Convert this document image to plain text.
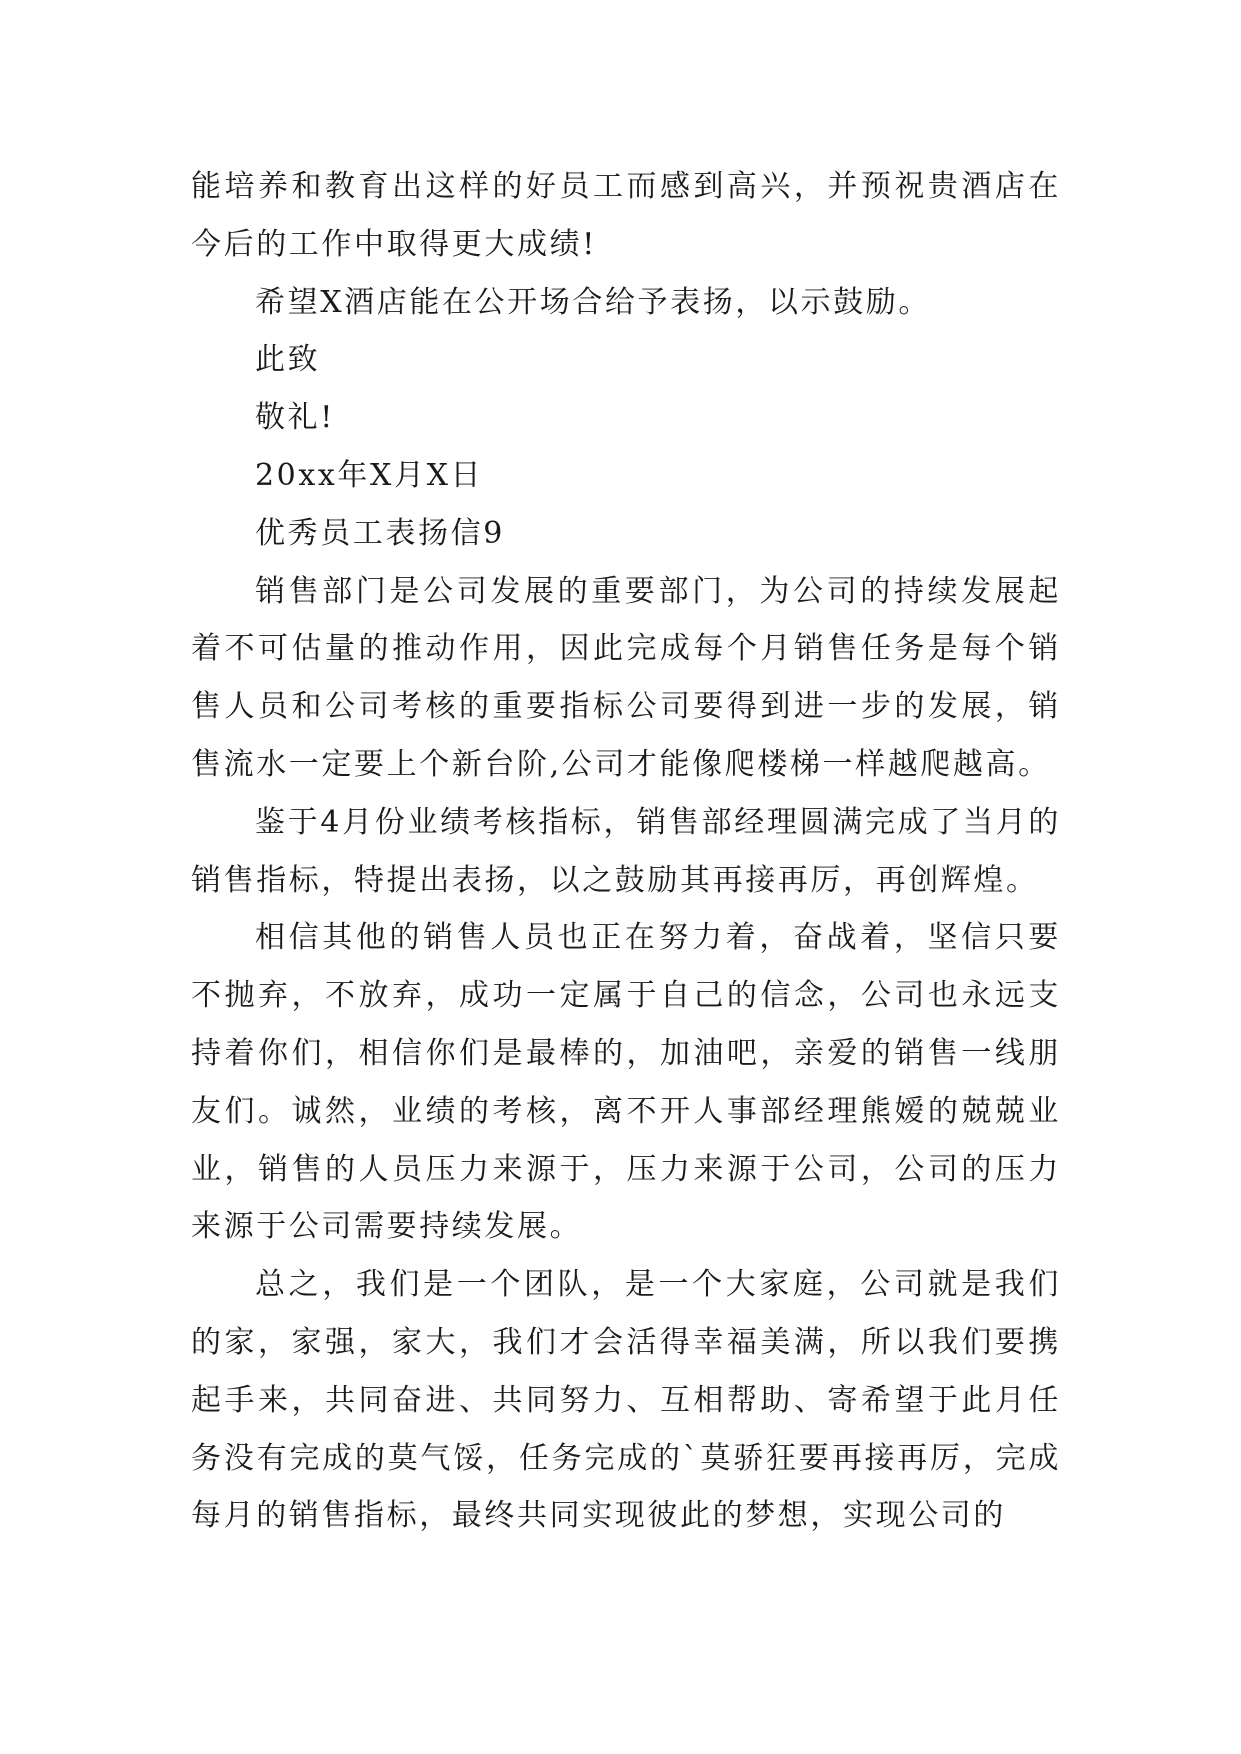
能培养和教育出这样的好员工而感到高兴，并预祝贵酒店在今后的工作中取得更大成绩!

希望X酒店能在公开场合给予表扬，以示鼓励。

此致

敬礼!

20xx年X月X日

优秀员工表扬信9

销售部门是公司发展的重要部门，为公司的持续发展起着不可估量的推动作用，因此完成每个月销售任务是每个销售人员和公司考核的重要指标公司要得到进一步的发展，销售流水一定要上个新台阶,公司才能像爬楼梯一样越爬越高。

鉴于4月份业绩考核指标，销售部经理圆满完成了当月的销售指标，特提出表扬，以之鼓励其再接再厉，再创辉煌。

相信其他的销售人员也正在努力着，奋战着，坚信只要不抛弃，不放弃，成功一定属于自己的信念，公司也永远支持着你们，相信你们是最棒的，加油吧，亲爱的销售一线朋友们。诚然，业绩的考核，离不开人事部经理熊嫒的兢兢业业，销售的人员压力来源于，压力来源于公司，公司的压力来源于公司需要持续发展。

总之，我们是一个团队，是一个大家庭，公司就是我们的家，家强，家大，我们才会活得幸福美满，所以我们要携起手来，共同奋进、共同努力、互相帮助、寄希望于此月任务没有完成的莫气馁，任务完成的`莫骄狂要再接再厉，完成每月的销售指标，最终共同实现彼此的梦想，实现公司的
